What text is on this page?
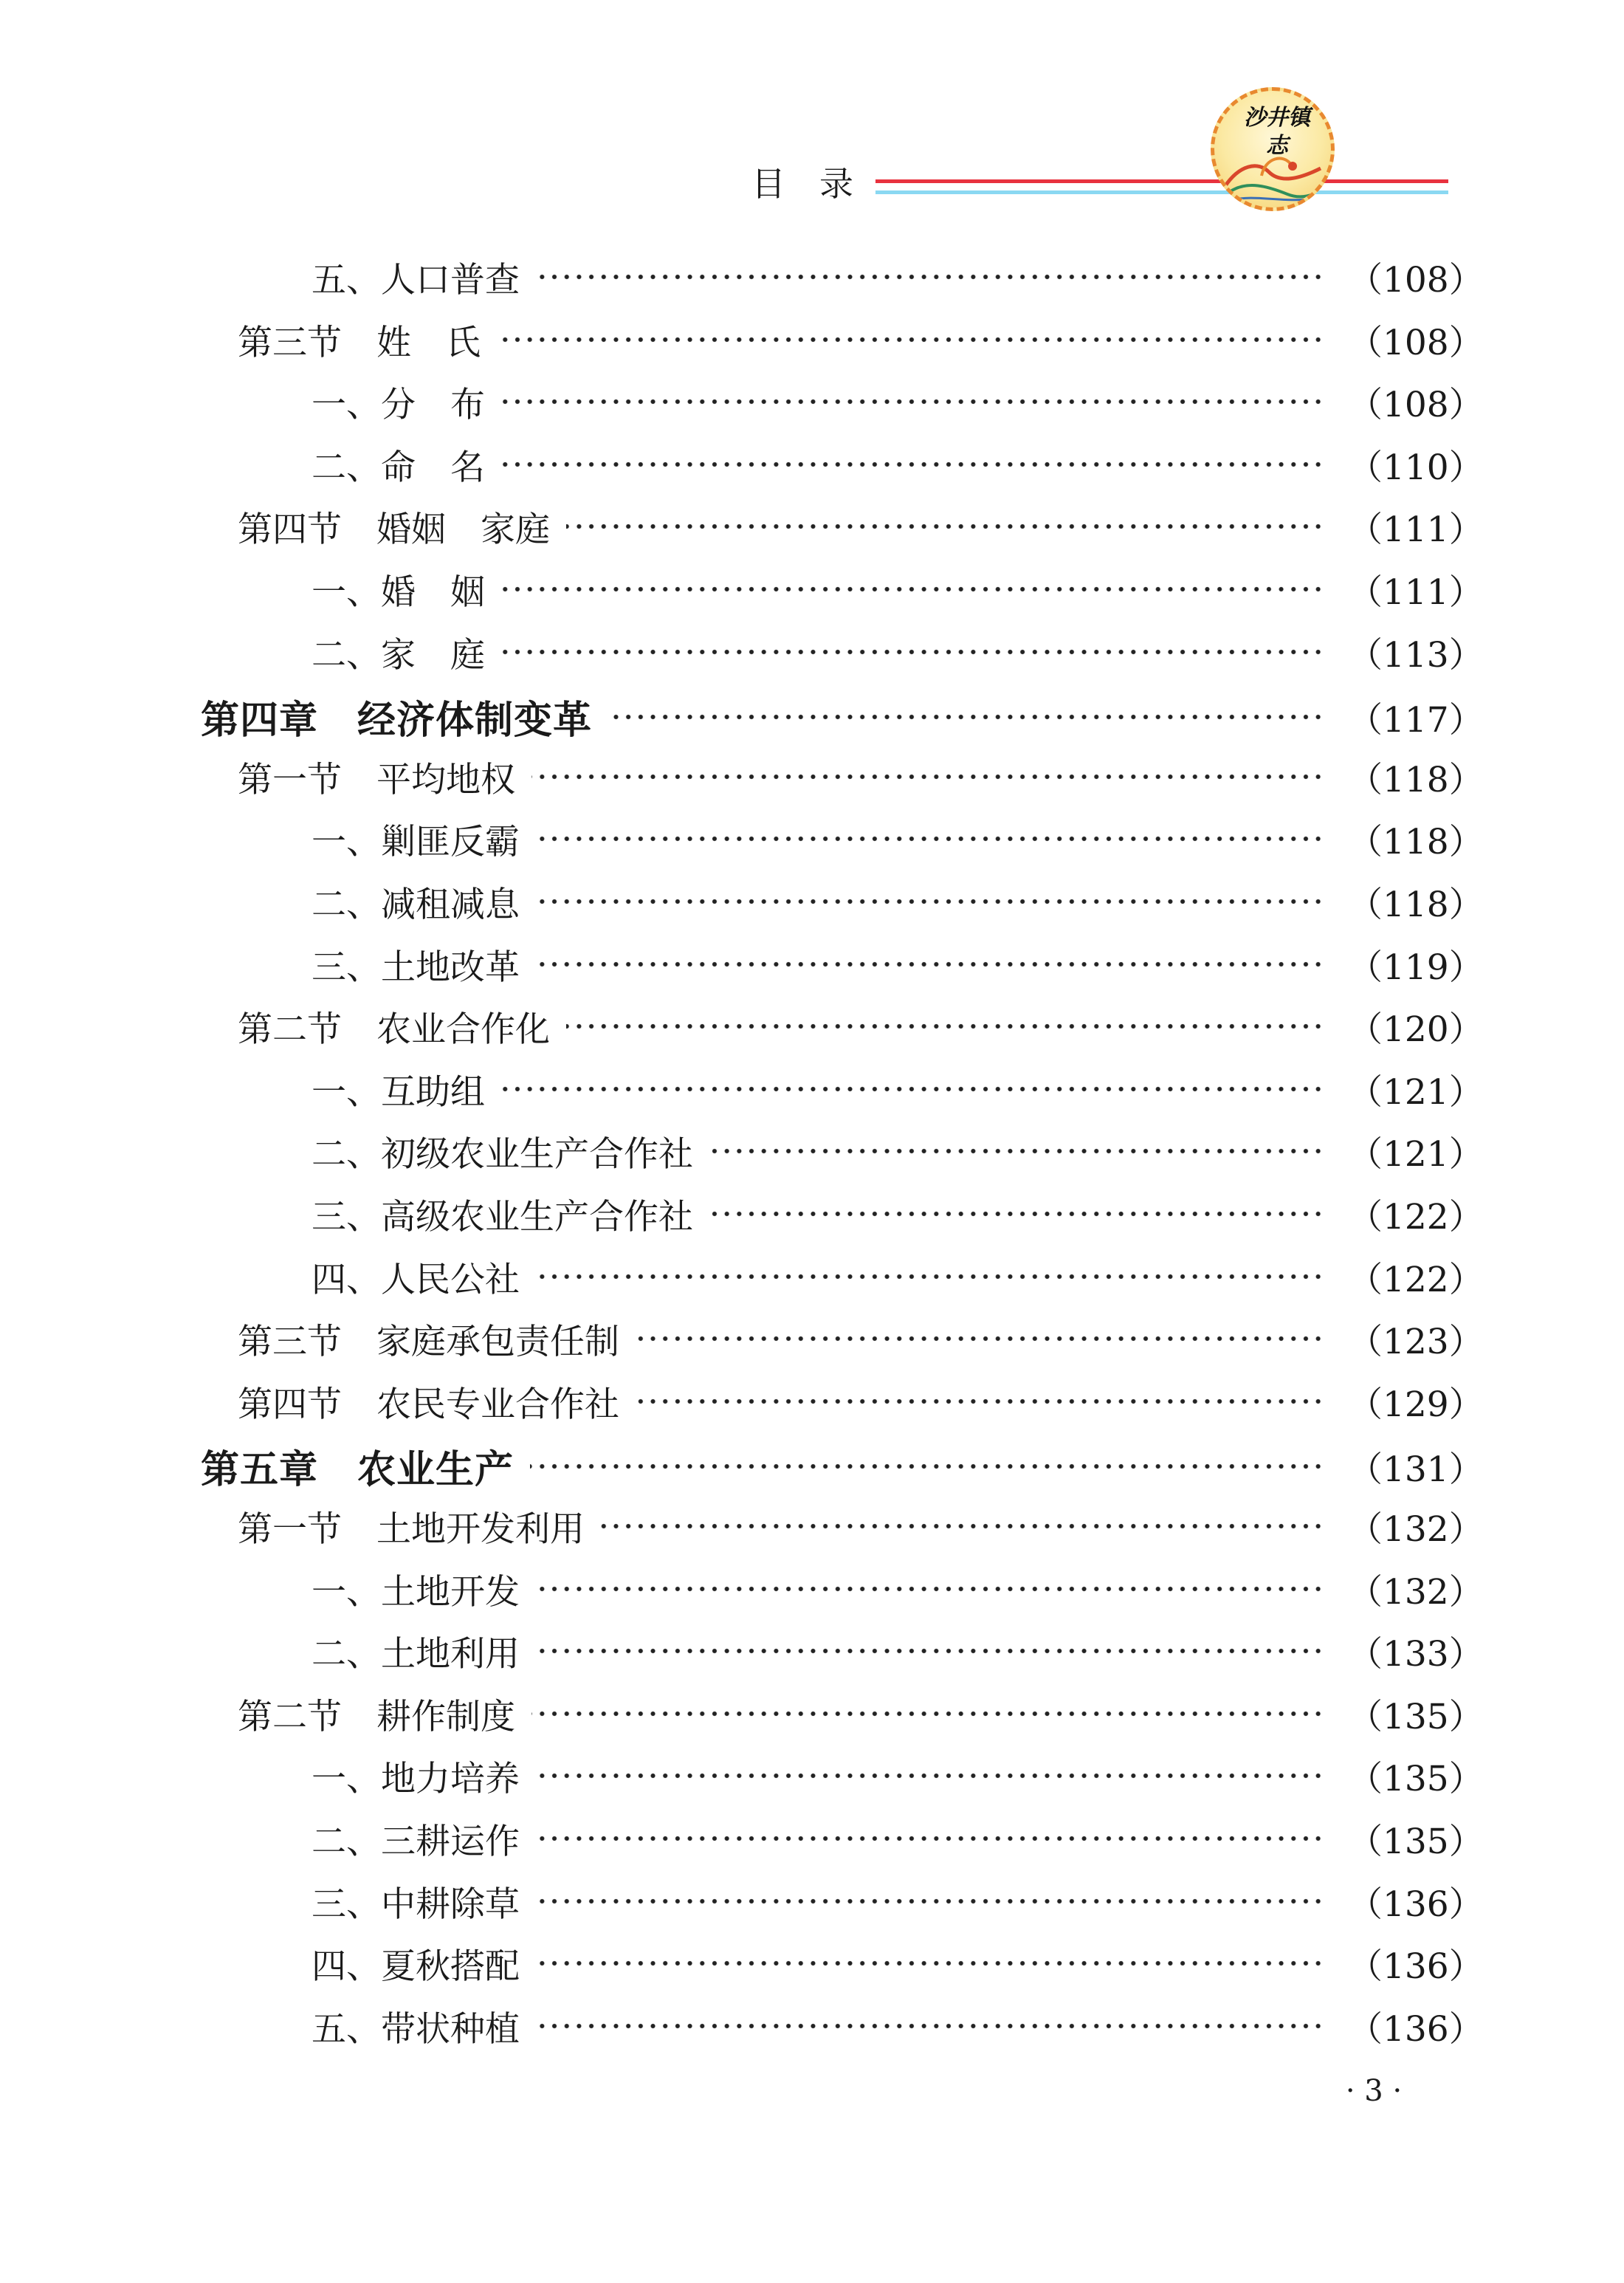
目　录
沙井镇志
五、人口普查	（108）
第三节　姓　氏	（108）
一、分　布	（108）
二、命　名	（110）
第四节　婚姻　家庭	（111）
一、婚　姻	（111）
二、家　庭	（113）
第四章　经济体制变革	（117）
第一节　平均地权	（118）
一、剿匪反霸	（118）
二、减租减息	（118）
三、土地改革	（119）
第二节　农业合作化	（120）
一、互助组	（121）
二、初级农业生产合作社	（121）
三、高级农业生产合作社	（122）
四、人民公社	（122）
第三节　家庭承包责任制	（123）
第四节　农民专业合作社	（129）
第五章　农业生产	（131）
第一节　土地开发利用	（132）
一、土地开发	（132）
二、土地利用	（133）
第二节　耕作制度	（135）
一、地力培养	（135）
二、三耕运作	（135）
三、中耕除草	（136）
四、夏秋搭配	（136）
五、带状种植	（136）
· 3 ·
